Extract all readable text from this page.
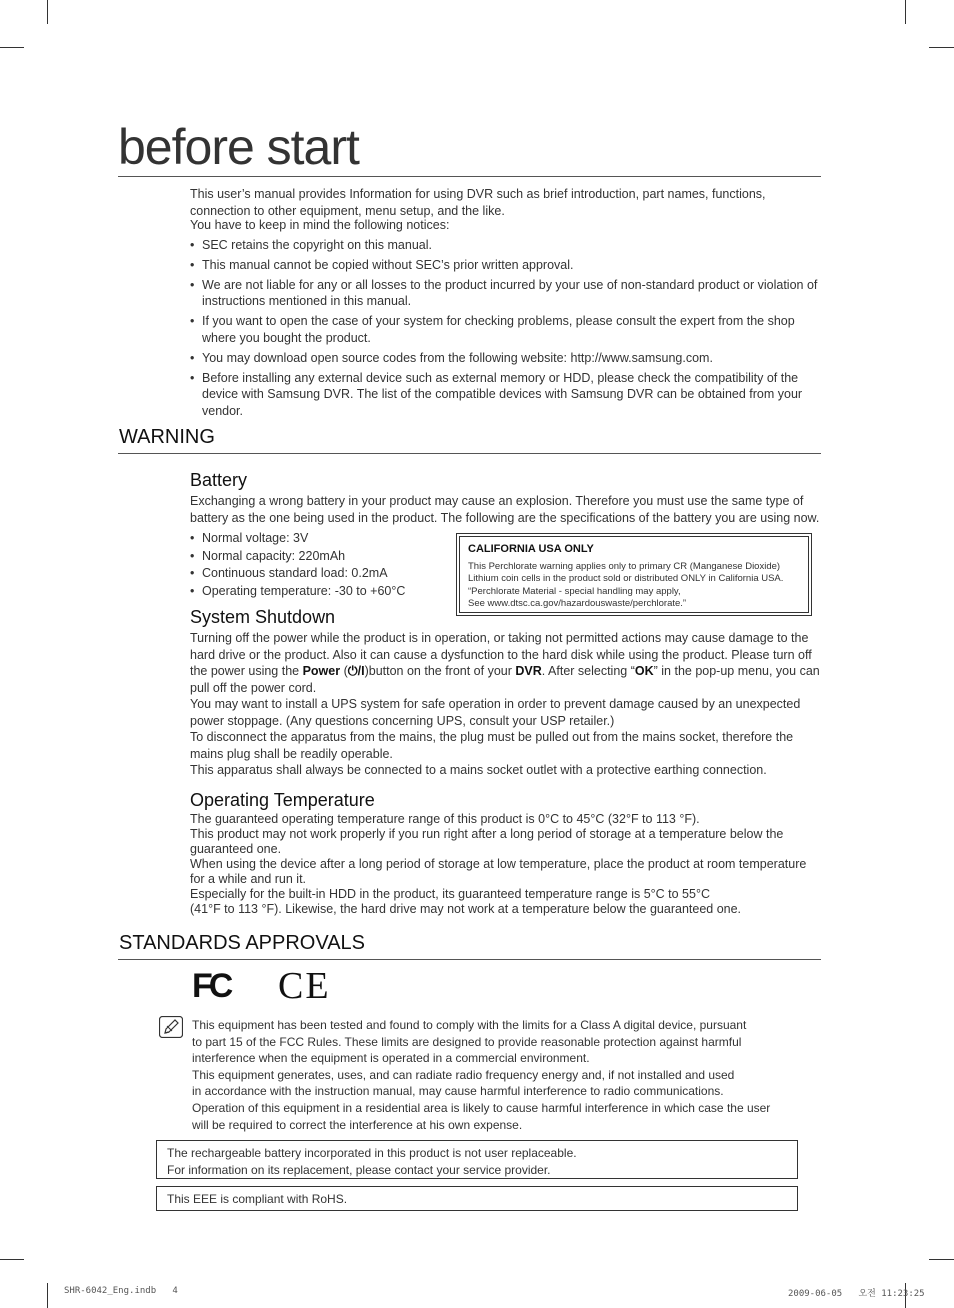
before start

This user’s manual provides Information for using DVR such as brief introduction, part names, functions,

connection to other equipment, menu setup, and the like.

You have to keep in mind the following notices:

• SEC retains the copyright on this manual.
• This manual cannot be copied without SEC’s prior written approval.
• We are not liable for any or all losses to the product incurred by your use of non-standard product or violation of instructions mentioned in this manual.
• If you want to open the case of your system for checking problems, please consult the expert from the shop where you bought the product.
• You may download open source codes from the following website: http://www.samsung.com.
• Before installing any external device such as external memory or HDD, please check the compatibility of the device with Samsung DVR. The list of the compatible devices with Samsung DVR can be obtained from your vendor.
WARNING
Battery

Exchanging a wrong battery in your product may cause an explosion. Therefore you must use the same type of battery as the one being used in the product. The following are the specifications of the battery you are using now.

• Normal voltage: 3V
• Normal capacity: 220mAh
• Continuous standard load: 0.2mA
• Operating temperature: -30 to +60°C
CALIFORNIA USA ONLY
This Perchlorate warning applies only to primary CR (Manganese Dioxide)
Lithium coin cells in the product sold or distributed ONLY in California USA.
“Perchlorate Material - special handling may apply,
See www.dtsc.ca.gov/hazardouswaste/perchlorate.”
System Shutdown

Turning off the power while the product is in operation, or taking not permitted actions may cause damage to the hard drive or the product. Also it can cause a dysfunction to the hard disk while using the product. Please turn off the power using the Power (⏻/I)button on the front of your DVR. After selecting “OK” in the pop-up menu, you can pull off the power cord.

You may want to install a UPS system for safe operation in order to prevent damage caused by an unexpected power stoppage. (Any questions concerning UPS, consult your USP retailer.)

To disconnect the apparatus from the mains, the plug must be pulled out from the mains socket, therefore the mains plug shall be readily operable.

This apparatus shall always be connected to a mains socket outlet with a protective earthing connection.

Operating Temperature

The guaranteed operating temperature range of this product is 0°C to 45°C (32°F to 113 °F).

This product may not work properly if you run right after a long period of storage at a temperature below the guaranteed one.

When using the device after a long period of storage at low temperature, place the product at room temperature for a while and run it.

Especially for the built-in HDD in the product, its guaranteed temperature range is 5°C to 55°C

(41°F to 113 °F). Likewise, the hard drive may not work at a temperature below the guaranteed one.

STANDARDS APPROVALS
FC CE
This equipment has been tested and found to comply with the limits for a Class A digital device, pursuant
to part 15 of the FCC Rules. These limits are designed to provide reasonable protection against harmful
interference when the equipment is operated in a commercial environment.
This equipment generates, uses, and can radiate radio frequency energy and, if not installed and used
in accordance with the instruction manual, may cause harmful interference to radio communications.
Operation of this equipment in a residential area is likely to cause harmful interference in which case the user
will be required to correct the interference at his own expense.
The rechargeable battery incorporated in this product is not user replaceable.
For information on its replacement, please contact your service provider.
This EEE is compliant with RoHS.
SHR-6042_Eng.indb   4	2009-06-05   오전 11:23:25
